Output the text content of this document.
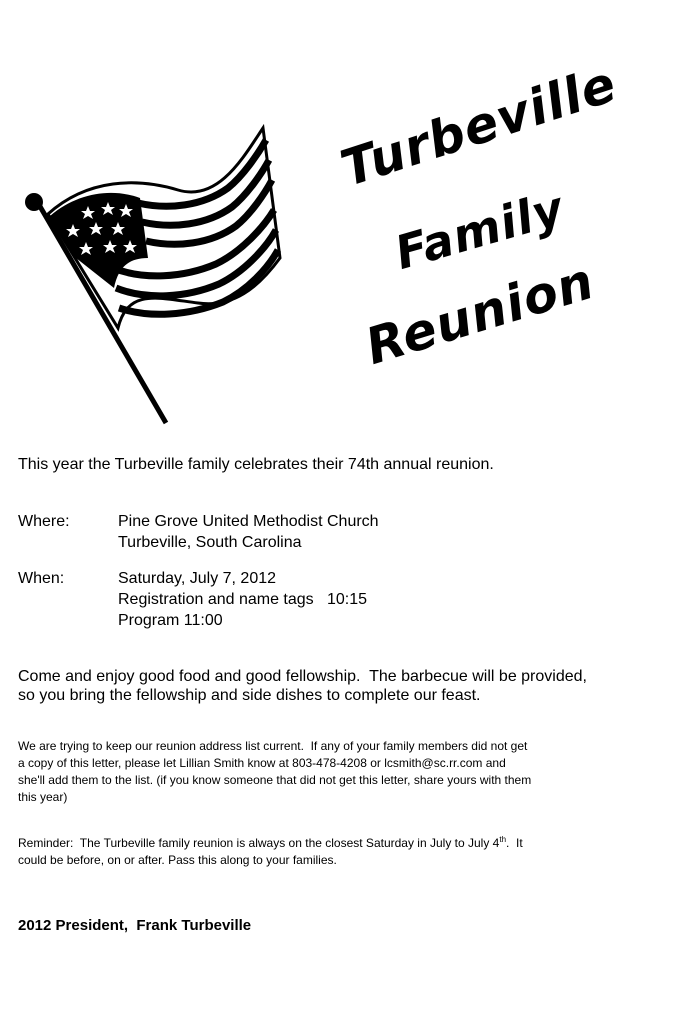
Turbeville
Family
Reunion
This year the Turbeville family celebrates their 74th annual reunion.
Where:	Pine Grove United Methodist Church
Turbeville, South Carolina
When:	Saturday, July 7, 2012
Registration and name tags   10:15
Program 11:00
Come and enjoy good food and good fellowship.  The barbecue will be provided,
so you bring the fellowship and side dishes to complete our feast.
We are trying to keep our reunion address list current.  If any of your family members did not get
a copy of this letter, please let Lillian Smith know at 803-478-4208 or lcsmith@sc.rr.com and
she'll add them to the list. (if you know someone that did not get this letter, share yours with them
this year)
Reminder:  The Turbeville family reunion is always on the closest Saturday in July to July 4th.  It
could be before, on or after. Pass this along to your families.
2012 President,  Frank Turbeville
